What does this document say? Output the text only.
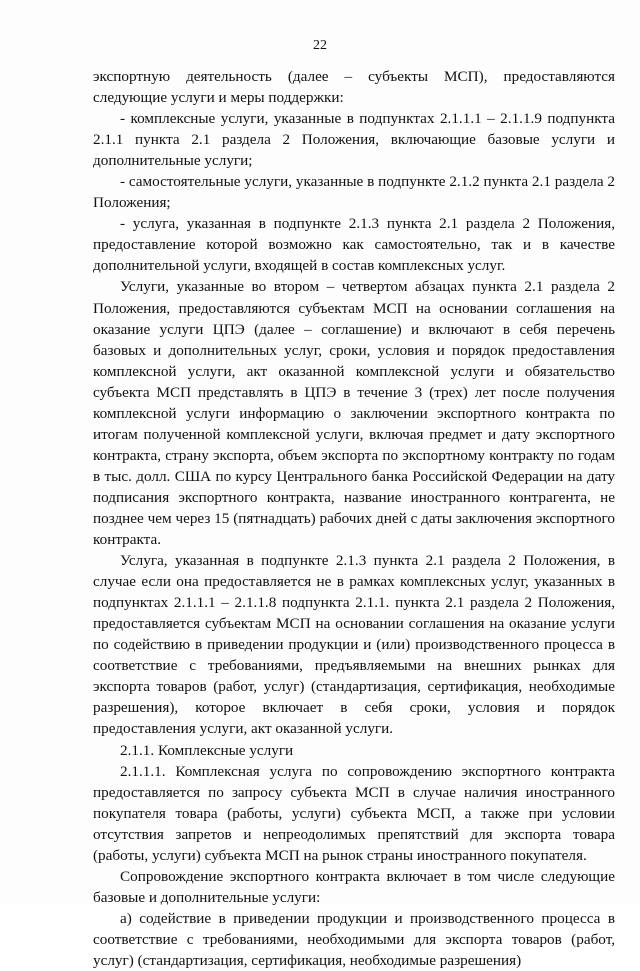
22

экспортную деятельность (далее – субъекты МСП), предоставляются следующие услуги и меры поддержки:

- комплексные услуги, указанные в подпунктах 2.1.1.1 – 2.1.1.9 подпункта 2.1.1 пункта 2.1 раздела 2 Положения, включающие базовые услуги и дополнительные услуги;

- самостоятельные услуги, указанные в подпункте 2.1.2 пункта 2.1 раздела 2 Положения;

- услуга, указанная в подпункте 2.1.3 пункта 2.1 раздела 2 Положения, предоставление которой возможно как самостоятельно, так и в качестве дополнительной услуги, входящей в состав комплексных услуг.

Услуги, указанные во втором – четвертом абзацах пункта 2.1 раздела 2 Положения, предоставляются субъектам МСП на основании соглашения на оказание услуги ЦПЭ (далее – соглашение) и включают в себя перечень базовых и дополнительных услуг, сроки, условия и порядок предоставления комплексной услуги, акт оказанной комплексной услуги и обязательство субъекта МСП представлять в ЦПЭ в течение 3 (трех) лет после получения комплексной услуги информацию о заключении экспортного контракта по итогам полученной комплексной услуги, включая предмет и дату экспортного контракта, страну экспорта, объем экспорта по экспортному контракту по годам в тыс. долл. США по курсу Центрального банка Российской Федерации на дату подписания экспортного контракта, название иностранного контрагента, не позднее чем через 15 (пятнадцать) рабочих дней с даты заключения экспортного контракта.

Услуга, указанная в подпункте 2.1.3 пункта 2.1 раздела 2 Положения, в случае если она предоставляется не в рамках комплексных услуг, указанных в подпунктах 2.1.1.1 – 2.1.1.8 подпункта 2.1.1. пункта 2.1 раздела 2 Положения, предоставляется субъектам МСП на основании соглашения на оказание услуги по содействию в приведении продукции и (или) производственного процесса в соответствие с требованиями, предъявляемыми на внешних рынках для экспорта товаров (работ, услуг) (стандартизация, сертификация, необходимые разрешения), которое включает в себя сроки, условия и порядок предоставления услуги, акт оказанной услуги.

2.1.1. Комплексные услуги

2.1.1.1. Комплексная услуга по сопровождению экспортного контракта предоставляется по запросу субъекта МСП в случае наличия иностранного покупателя товара (работы, услуги) субъекта МСП, а также при условии отсутствия запретов и непреодолимых препятствий для экспорта товара (работы, услуги) субъекта МСП на рынок страны иностранного покупателя.

Сопровождение экспортного контракта включает в том числе следующие базовые и дополнительные услуги:

а) содействие в приведении продукции и производственного процесса в соответствие с требованиями, необходимыми для экспорта товаров (работ, услуг) (стандартизация, сертификация, необходимые разрешения)
